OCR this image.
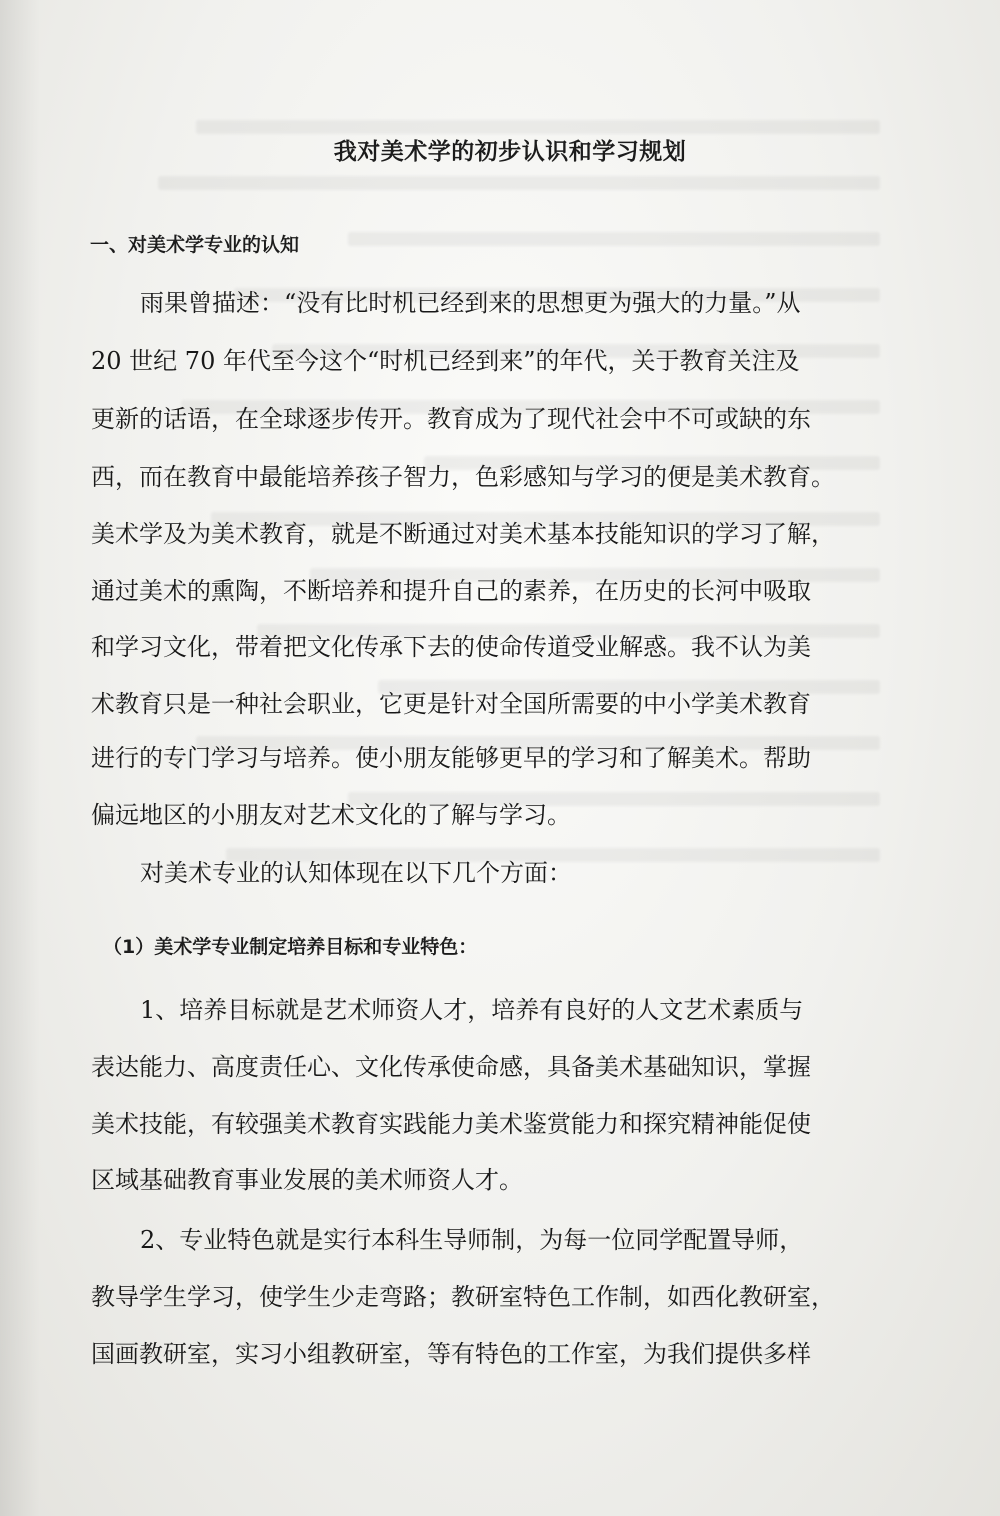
我对美术学的初步认识和学习规划
一、对美术学专业的认知
雨果曾描述：“没有比时机已经到来的思想更为强大的力量。”从
20 世纪 70 年代至今这个“时机已经到来”的年代，关于教育关注及
更新的话语，在全球逐步传开。教育成为了现代社会中不可或缺的东
西，而在教育中最能培养孩子智力，色彩感知与学习的便是美术教育。
美术学及为美术教育，就是不断通过对美术基本技能知识的学习了解，
通过美术的熏陶，不断培养和提升自己的素养，在历史的长河中吸取
和学习文化，带着把文化传承下去的使命传道受业解惑。我不认为美
术教育只是一种社会职业，它更是针对全国所需要的中小学美术教育
进行的专门学习与培养。使小朋友能够更早的学习和了解美术。帮助
偏远地区的小朋友对艺术文化的了解与学习。
对美术专业的认知体现在以下几个方面：
（1）美术学专业制定培养目标和专业特色：
1、培养目标就是艺术师资人才，培养有良好的人文艺术素质与
表达能力、高度责任心、文化传承使命感，具备美术基础知识，掌握
美术技能，有较强美术教育实践能力美术鉴赏能力和探究精神能促使
区域基础教育事业发展的美术师资人才。
2、专业特色就是实行本科生导师制，为每一位同学配置导师，
教导学生学习，使学生少走弯路；教研室特色工作制，如西化教研室，
国画教研室，实习小组教研室，等有特色的工作室，为我们提供多样
